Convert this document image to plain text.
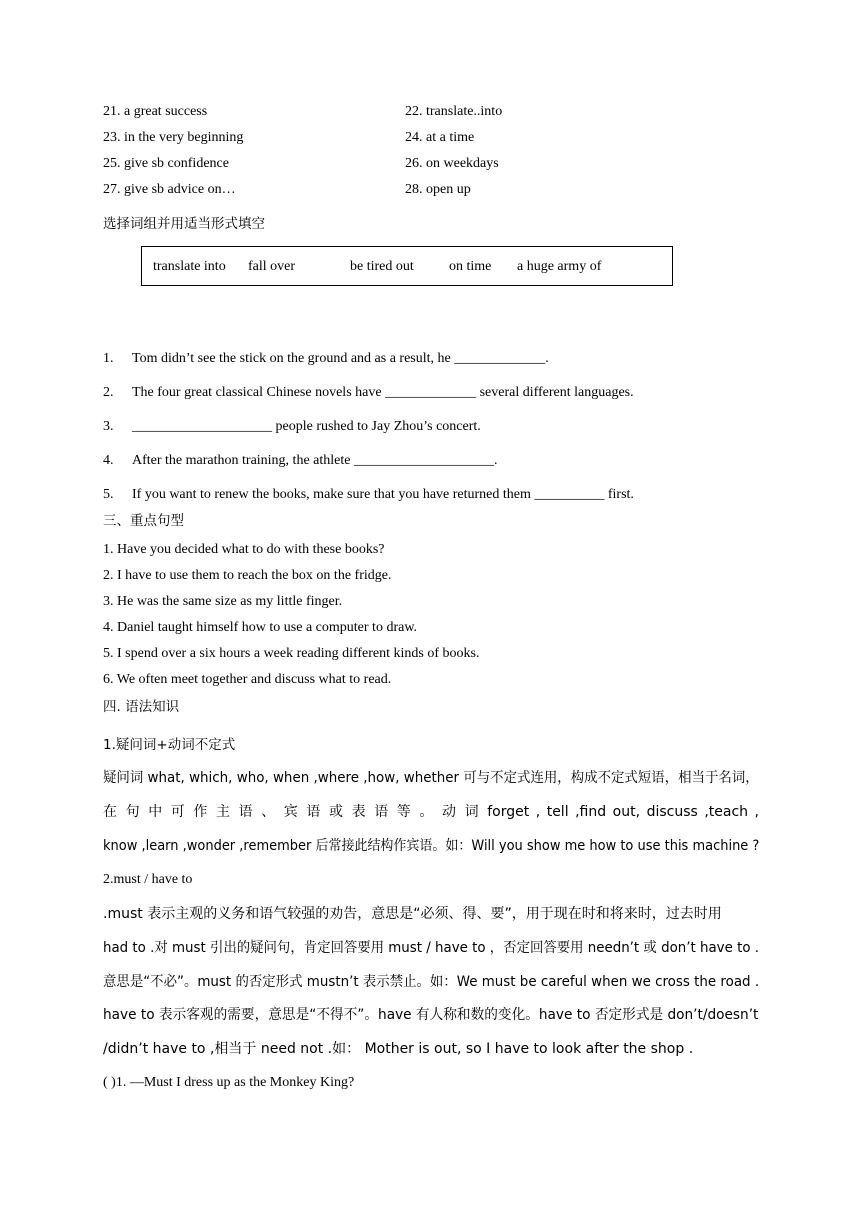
21. a great success	22. translate..into
23. in the very beginning	24. at a time
25. give sb confidence	26. on weekdays
27. give sb advice on…	28. open up
选择词组并用适当形式填空
translate into fall over	be tired out	on time a huge army of
1. Tom didn’t see the stick on the ground and as a result, he _____________.
2. The four great classical Chinese novels have _____________ several different languages.
3. ____________________ people rushed to Jay Zhou’s concert.
4. After the marathon training, the athlete ____________________.
5. If you want to renew the books, make sure that you have returned them __________ first.
三、重点句型
1. Have you decided what to do with these books?
2. I have to use them to reach the box on the fridge.
3. He was the same size as my little finger.
4. Daniel taught himself how to use a computer to draw.
5. I spend over a six hours a week reading different kinds of books.
6. We often meet together and discuss what to read.
四. 语法知识
1.疑问词+动词不定式
疑问词 what, which, who, when ,where ,how, whether 可与不定式连用，构成不定式短语，相当于名词，
在 句 中 可 作 主 语 、 宾 语 或 表 语 等 。 动 词 forget , tell ,find out, discuss ,teach ,
know ,learn ,wonder ,remember 后常接此结构作宾语。如：Will you show me how to use this machine ?
2.must / have to
.must 表示主观的义务和语气较强的劝告，意思是“必须、得、要”，用于现在时和将来时，过去时用
had to .对 must 引出的疑问句，肯定回答要用 must / have to ，否定回答要用 needn’t 或 don’t have to .
意思是“不必”。must 的否定形式 mustn’t 表示禁止。如：We must be careful when we cross the road .
have to 表示客观的需要，意思是“不得不”。have 有人称和数的变化。have to 否定形式是 don’t/doesn’t
/didn’t have to ,相当于 need not .如： Mother is out, so I have to look after the shop .
( )1. —Must I dress up as the Monkey King?
